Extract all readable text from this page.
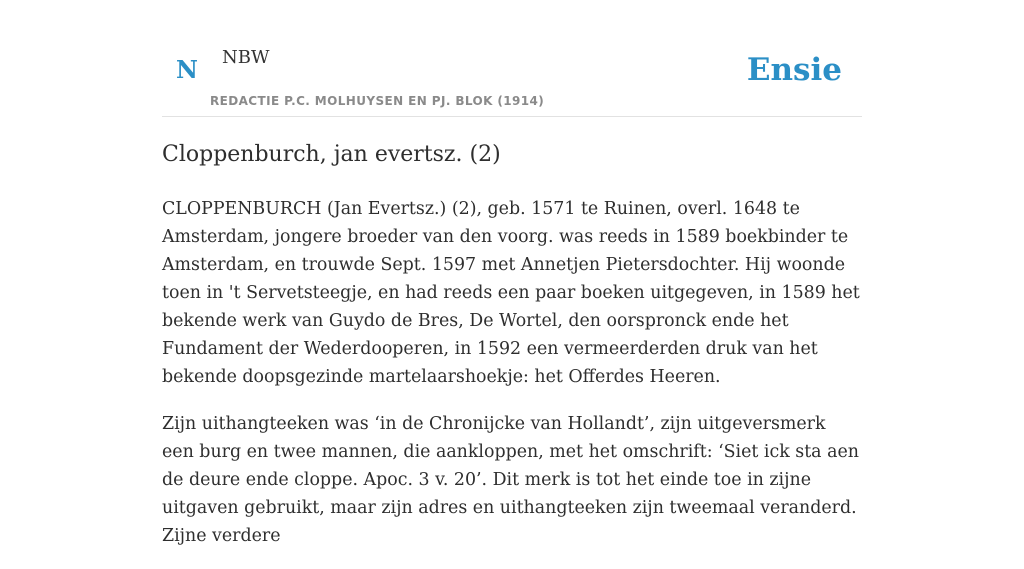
N NBW
REDACTIE P.C. MOLHUYSEN EN PJ. BLOK (1914)
Ensie
Cloppenburch, jan evertsz. (2)

CLOPPENBURCH (Jan Evertsz.) (2), geb. 1571 te Ruinen, overl. 1648 te Amsterdam, jongere broeder van den voorg. was reeds in 1589 boekbinder te Amsterdam, en trouwde Sept. 1597 met Annetjen Pietersdochter. Hij woonde toen in 't Servetsteegje, en had reeds een paar boeken uitgegeven, in 1589 het bekende werk van Guydo de Bres, De Wortel, den oorspronck ende het Fundament der Wederdooperen, in 1592 een vermeerderden druk van het bekende doopsgezinde martelaarshoekje: het Offerdes Heeren.

Zijn uithangteeken was ‘in de Chronijcke van Hollandt’, zijn uitgeversmerk een burg en twee mannen, die aankloppen, met het omschrift: ‘Siet ick sta aen de deure ende cloppe. Apoc. 3 v. 20’. Dit merk is tot het einde toe in zijne uitgaven gebruikt, maar zijn adres en uithangteeken zijn tweemaal veranderd. Zijne verdere
